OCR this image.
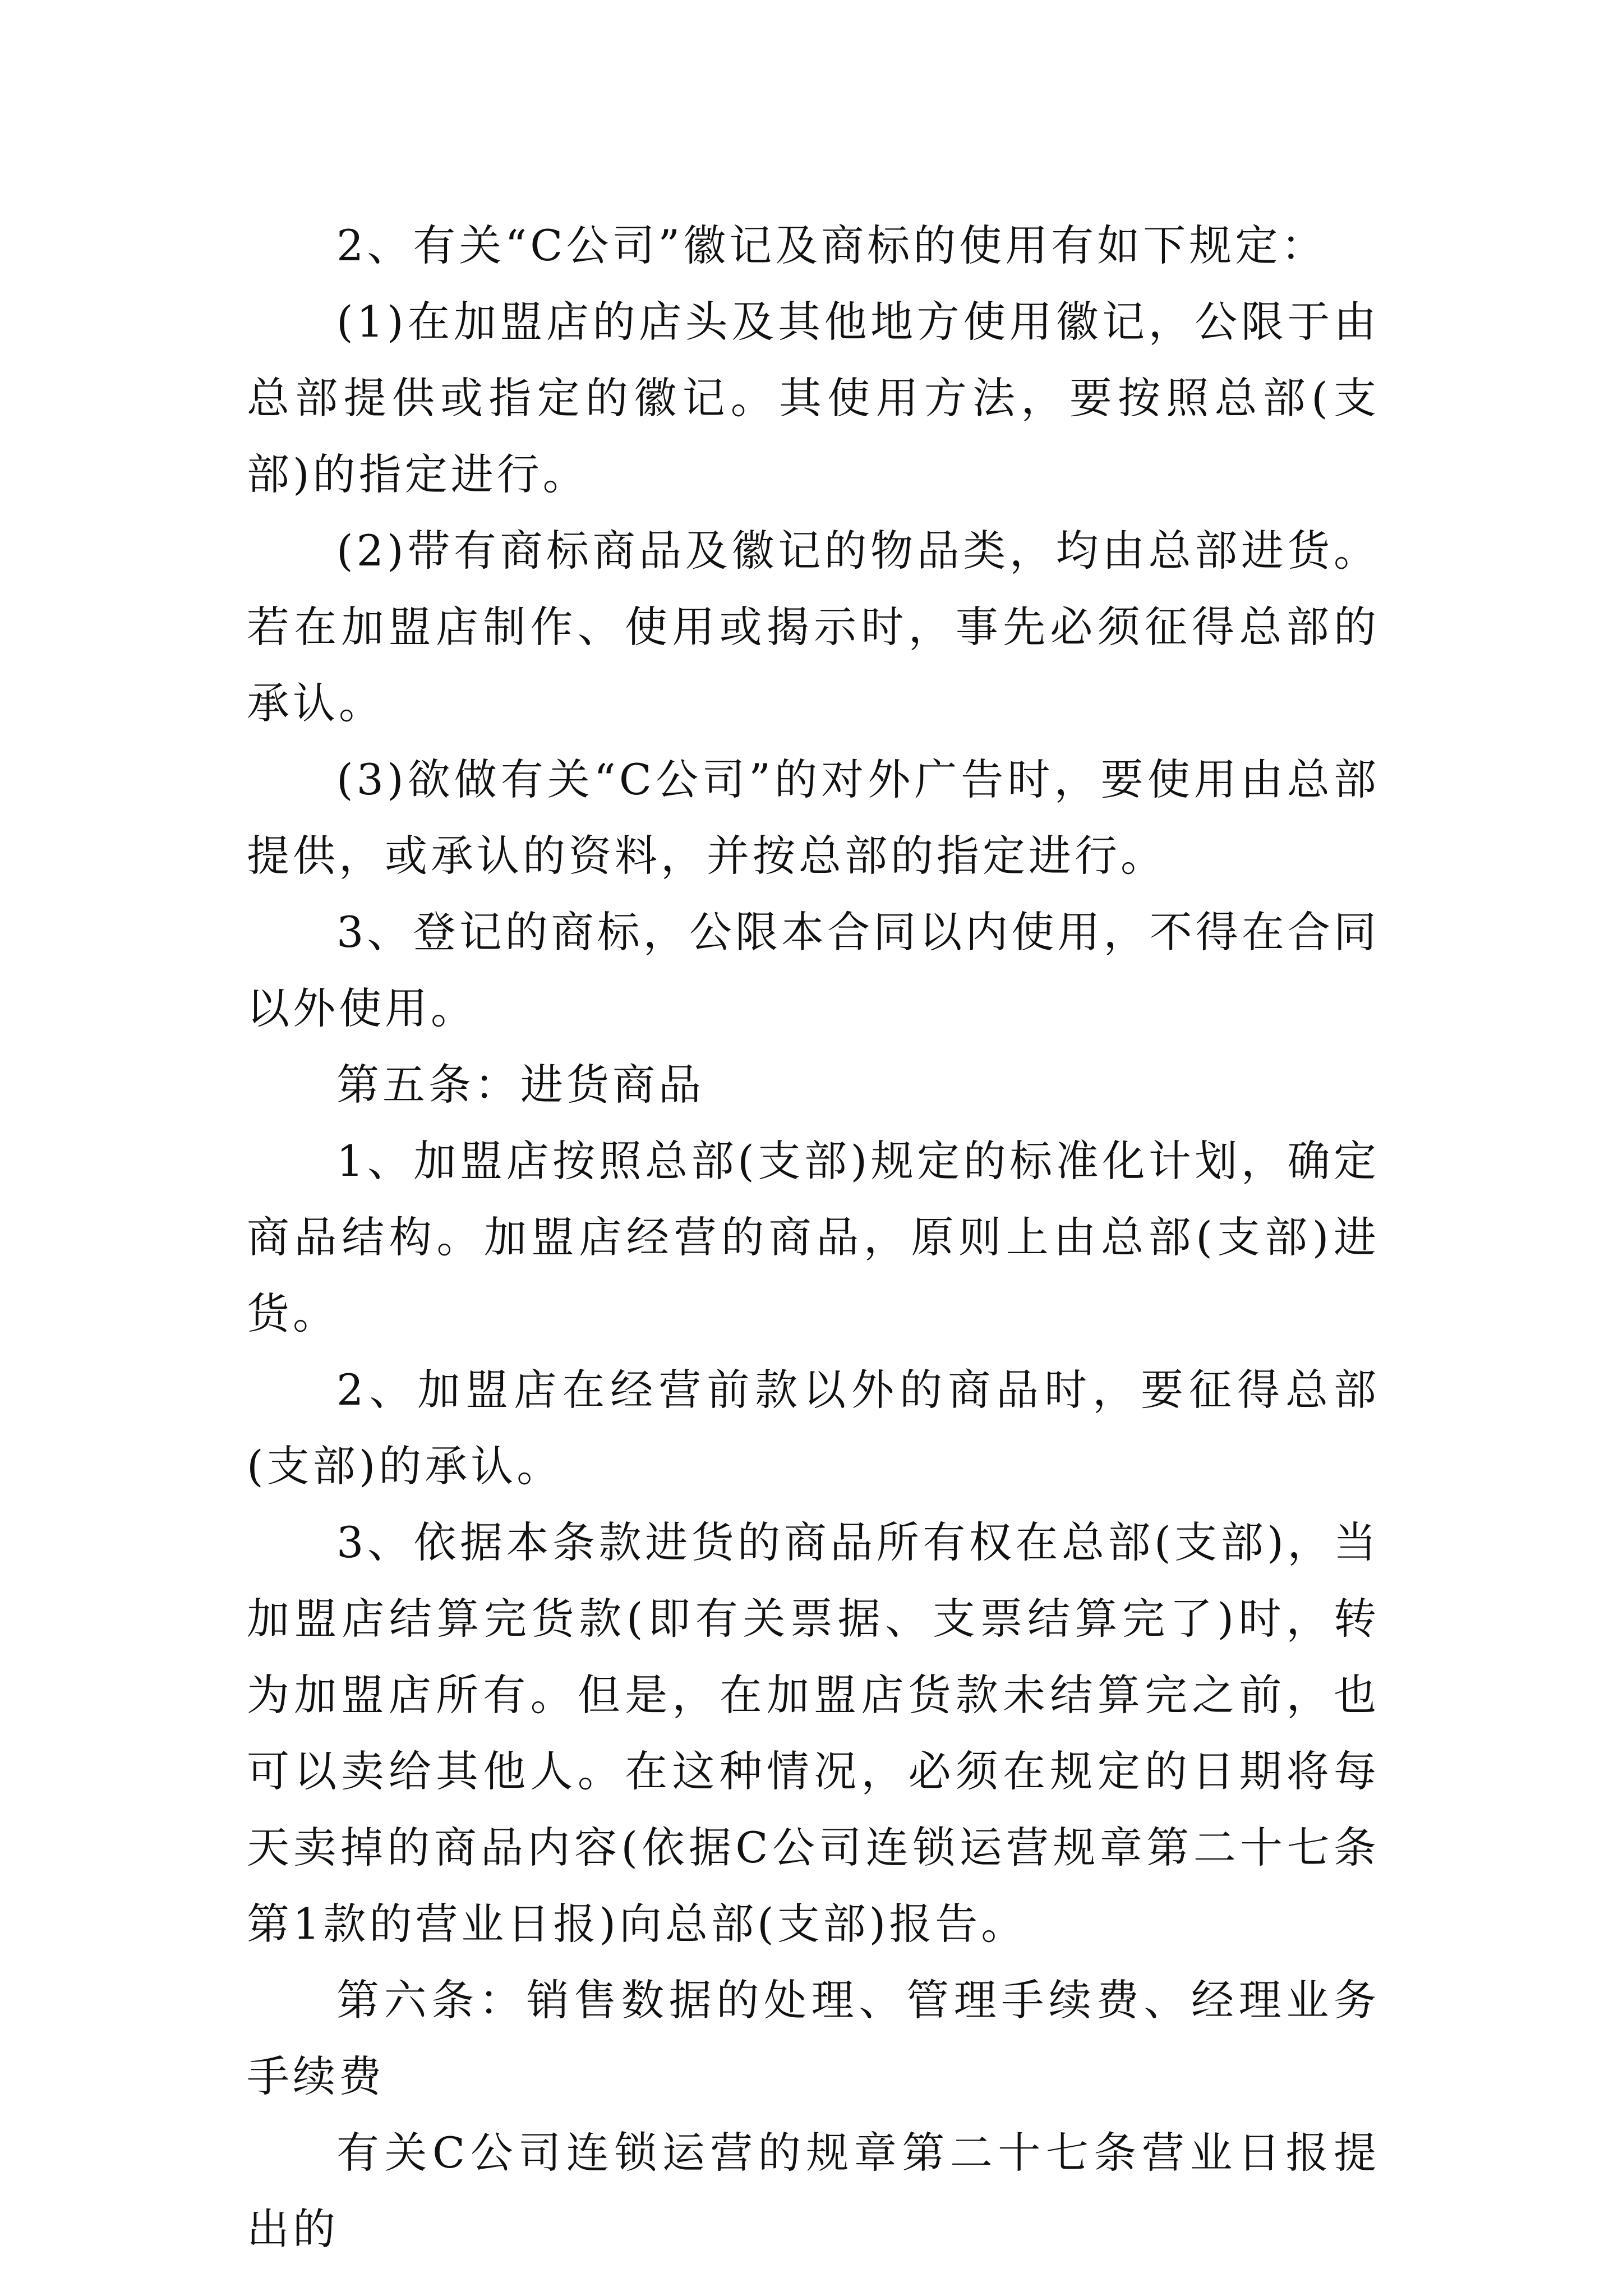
2、有关“C公司”徽记及商标的使用有如下规定：

(1)在加盟店的店头及其他地方使用徽记，公限于由总部提供或指定的徽记。其使用方法，要按照总部(支部)的指定进行。

(2)带有商标商品及徽记的物品类，均由总部进货。若在加盟店制作、使用或揭示时，事先必须征得总部的承认。

(3)欲做有关“C公司”的对外广告时，要使用由总部提供，或承认的资料，并按总部的指定进行。

3、登记的商标，公限本合同以内使用，不得在合同以外使用。

第五条：进货商品

1、加盟店按照总部(支部)规定的标准化计划，确定商品结构。加盟店经营的商品，原则上由总部(支部)进货。

2、加盟店在经营前款以外的商品时，要征得总部(支部)的承认。

3、依据本条款进货的商品所有权在总部(支部)，当加盟店结算完货款(即有关票据、支票结算完了)时，转为加盟店所有。但是，在加盟店货款未结算完之前，也可以卖给其他人。在这种情况，必须在规定的日期将每天卖掉的商品内容(依据C公司连锁运营规章第二十七条第1款的营业日报)向总部(支部)报告。

第六条：销售数据的处理、管理手续费、经理业务手续费

有关C公司连锁运营的规章第二十七条营业日报提出的
